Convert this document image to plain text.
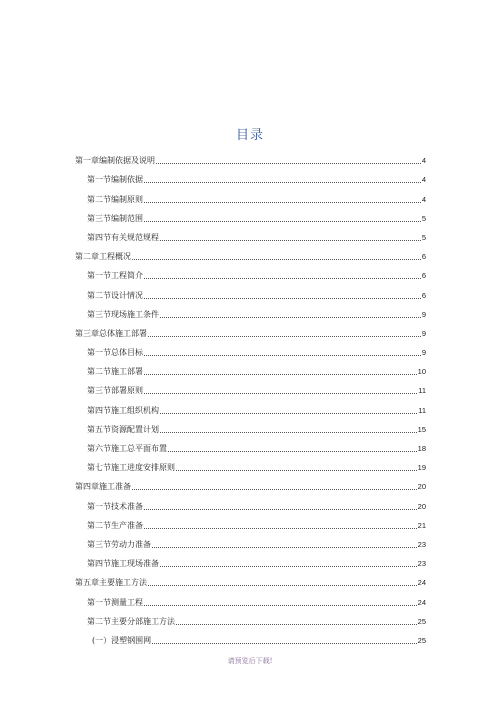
目录
第一章编制依据及说明	4
第一节编制依据	4
第二节编制原则	4
第三节编制范围	5
第四节有关规范规程	5
第二章工程概况	6
第一节工程简介	6
第二节设计情况	6
第三节现场施工条件	9
第三章总体施工部署	9
第一节总体目标	9
第二节施工部署	10
第三节部署原则	11
第四节施工组织机构	11
第五节资源配置计划	15
第六节施工总平面布置	18
第七节施工进度安排原则	19
第四章施工准备	20
第一节技术准备	20
第二节生产准备	21
第三节劳动力准备	23
第四节施工现场准备	23
第五章主要施工方法	24
第一节测量工程	24
第二节主要分部施工方法	25
(一）浸塑钢围网	25
请预览后下载!
